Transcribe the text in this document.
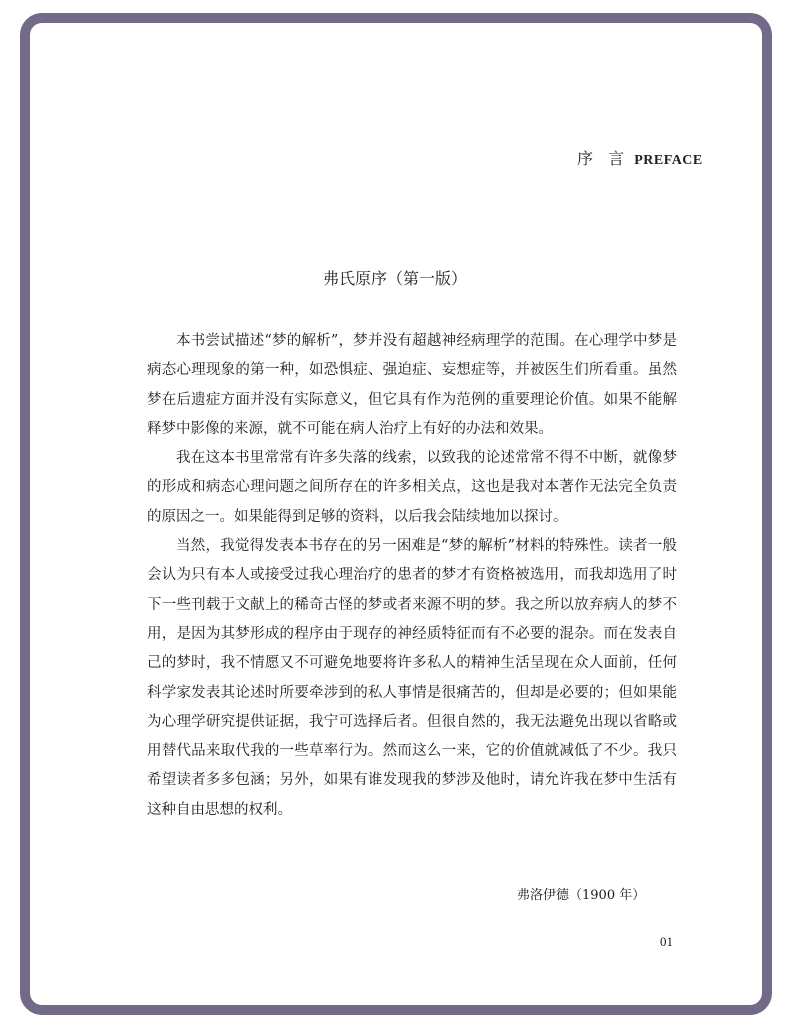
序 言 PREFACE
弗氏原序（第一版）

本书尝试描述“梦的解析”，梦并没有超越神经病理学的范围。在心理学中梦是病态心理现象的第一种，如恐惧症、强迫症、妄想症等，并被医生们所看重。虽然梦在后遗症方面并没有实际意义，但它具有作为范例的重要理论价值。如果不能解释梦中影像的来源，就不可能在病人治疗上有好的办法和效果。

我在这本书里常常有许多失落的线索，以致我的论述常常不得不中断，就像梦的形成和病态心理问题之间所存在的许多相关点，这也是我对本著作无法完全负责的原因之一。如果能得到足够的资料，以后我会陆续地加以探讨。

当然，我觉得发表本书存在的另一困难是“梦的解析”材料的特殊性。读者一般会认为只有本人或接受过我心理治疗的患者的梦才有资格被选用，而我却选用了时下一些刊载于文献上的稀奇古怪的梦或者来源不明的梦。我之所以放弃病人的梦不用，是因为其梦形成的程序由于现存的神经质特征而有不必要的混杂。而在发表自己的梦时，我不情愿又不可避免地要将许多私人的精神生活呈现在众人面前，任何科学家发表其论述时所要牵涉到的私人事情是很痛苦的，但却是必要的；但如果能为心理学研究提供证据，我宁可选择后者。但很自然的，我无法避免出现以省略或用替代品来取代我的一些草率行为。然而这么一来，它的价值就减低了不少。我只希望读者多多包涵；另外，如果有谁发现我的梦涉及他时，请允许我在梦中生活有这种自由思想的权利。

弗洛伊德（1900 年）
01
